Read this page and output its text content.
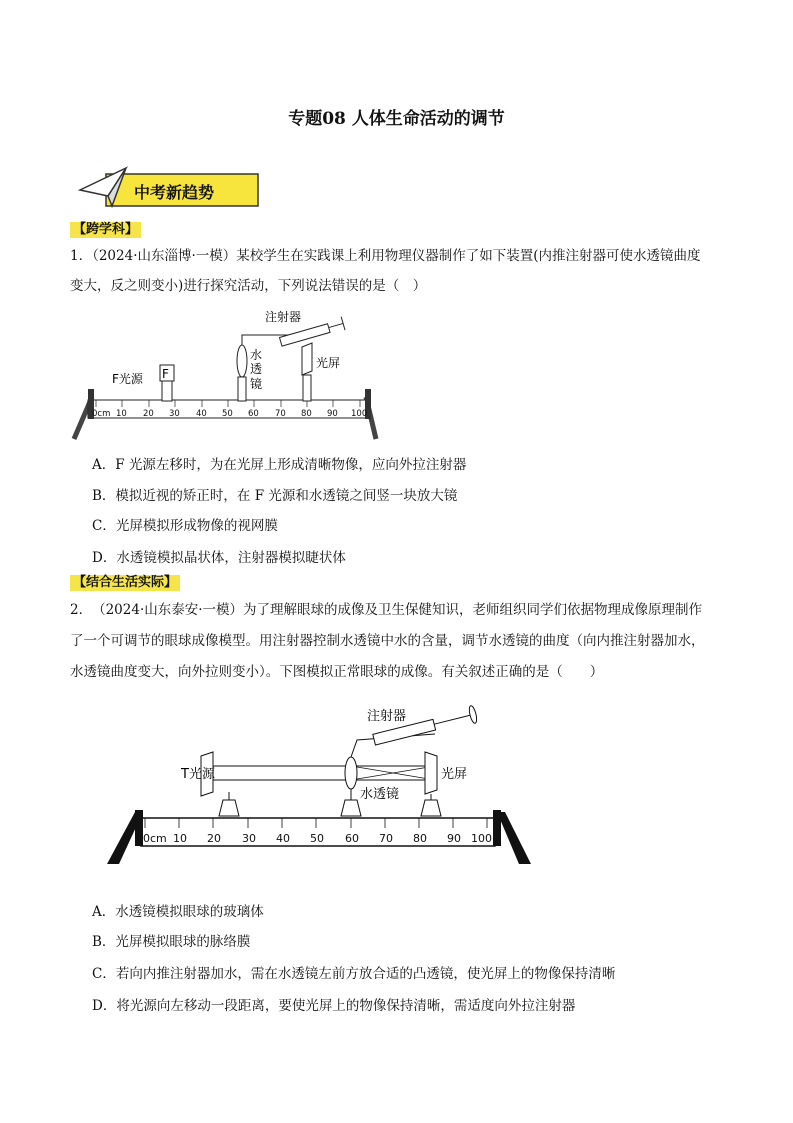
专题08 人体生命活动的调节
中考新趋势
【跨学科】
1．（2024·山东淄博·一模）某校学生在实践课上利用物理仪器制作了如下装置(内推注射器可使水透镜曲度
变大，反之则变小)进行探究活动，下列说法错误的是（　）
0cm 10 20 30 40 50 60 70 80 90 100
F
F光源
水
透
镜
注射器
光屏
A．F 光源左移时，为在光屏上形成清晰物像，应向外拉注射器
B．模拟近视的矫正时，在 F 光源和水透镜之间竖一块放大镜
C．光屏模拟形成物像的视网膜
D．水透镜模拟晶状体，注射器模拟睫状体
【结合生活实际】
2．　（2024·山东泰安·一模）为了理解眼球的成像及卫生保健知识，老师组织同学们依据物理成像原理制作
了一个可调节的眼球成像模型。用注射器控制水透镜中水的含量，调节水透镜的曲度（向内推注射器加水，
水透镜曲度变大，向外拉则变小）。下图模拟正常眼球的成像。有关叙述正确的是（　　）
0cm 10 20 30 40 50 60 70 80 90 100
T光源
水透镜
注射器
光屏
A．水透镜模拟眼球的玻璃体
B．光屏模拟眼球的脉络膜
C．若向内推注射器加水，需在水透镜左前方放合适的凸透镜，使光屏上的物像保持清晰
D．将光源向左移动一段距离，要使光屏上的物像保持清晰，需适度向外拉注射器
